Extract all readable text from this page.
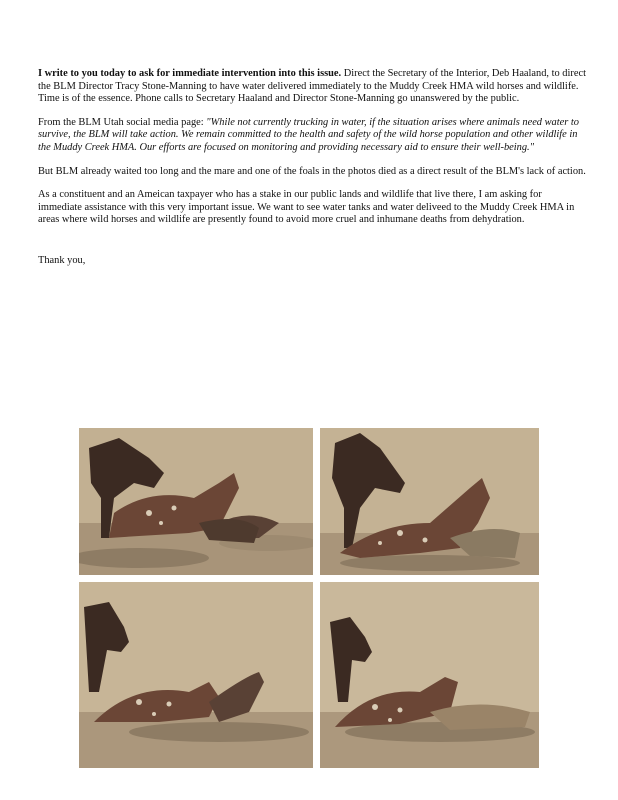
I write to you today to ask for immediate intervention into this issue. Direct the Secretary of the Interior, Deb Haaland, to direct the BLM Director Tracy Stone-Manning to have water delivered immediately to the Muddy Creek HMA wild horses and wildlife. Time is of the essence. Phone calls to Secretary Haaland and Director Stone-Manning go unanswered by the public.

From the BLM Utah social media page: "While not currently trucking in water, if the situation arises where animals need water to survive, the BLM will take action. We remain committed to the health and safety of the wild horse population and other wildlife in the Muddy Creek HMA. Our efforts are focused on monitoring and providing necessary aid to ensure their well-being."

But BLM already waited too long and the mare and one of the foals in the photos died as a direct result of the BLM's lack of action.

As a constituent and an Ameican taxpayer who has a stake in our public lands and wildlife that live there, I am asking for immediate assistance with this very important issue. We want to see water tanks and water deliveed to the Muddy Creek HMA in areas where wild horses and wildlife are presently found to avoid more cruel and inhumane deaths from dehydration.

Thank you,
